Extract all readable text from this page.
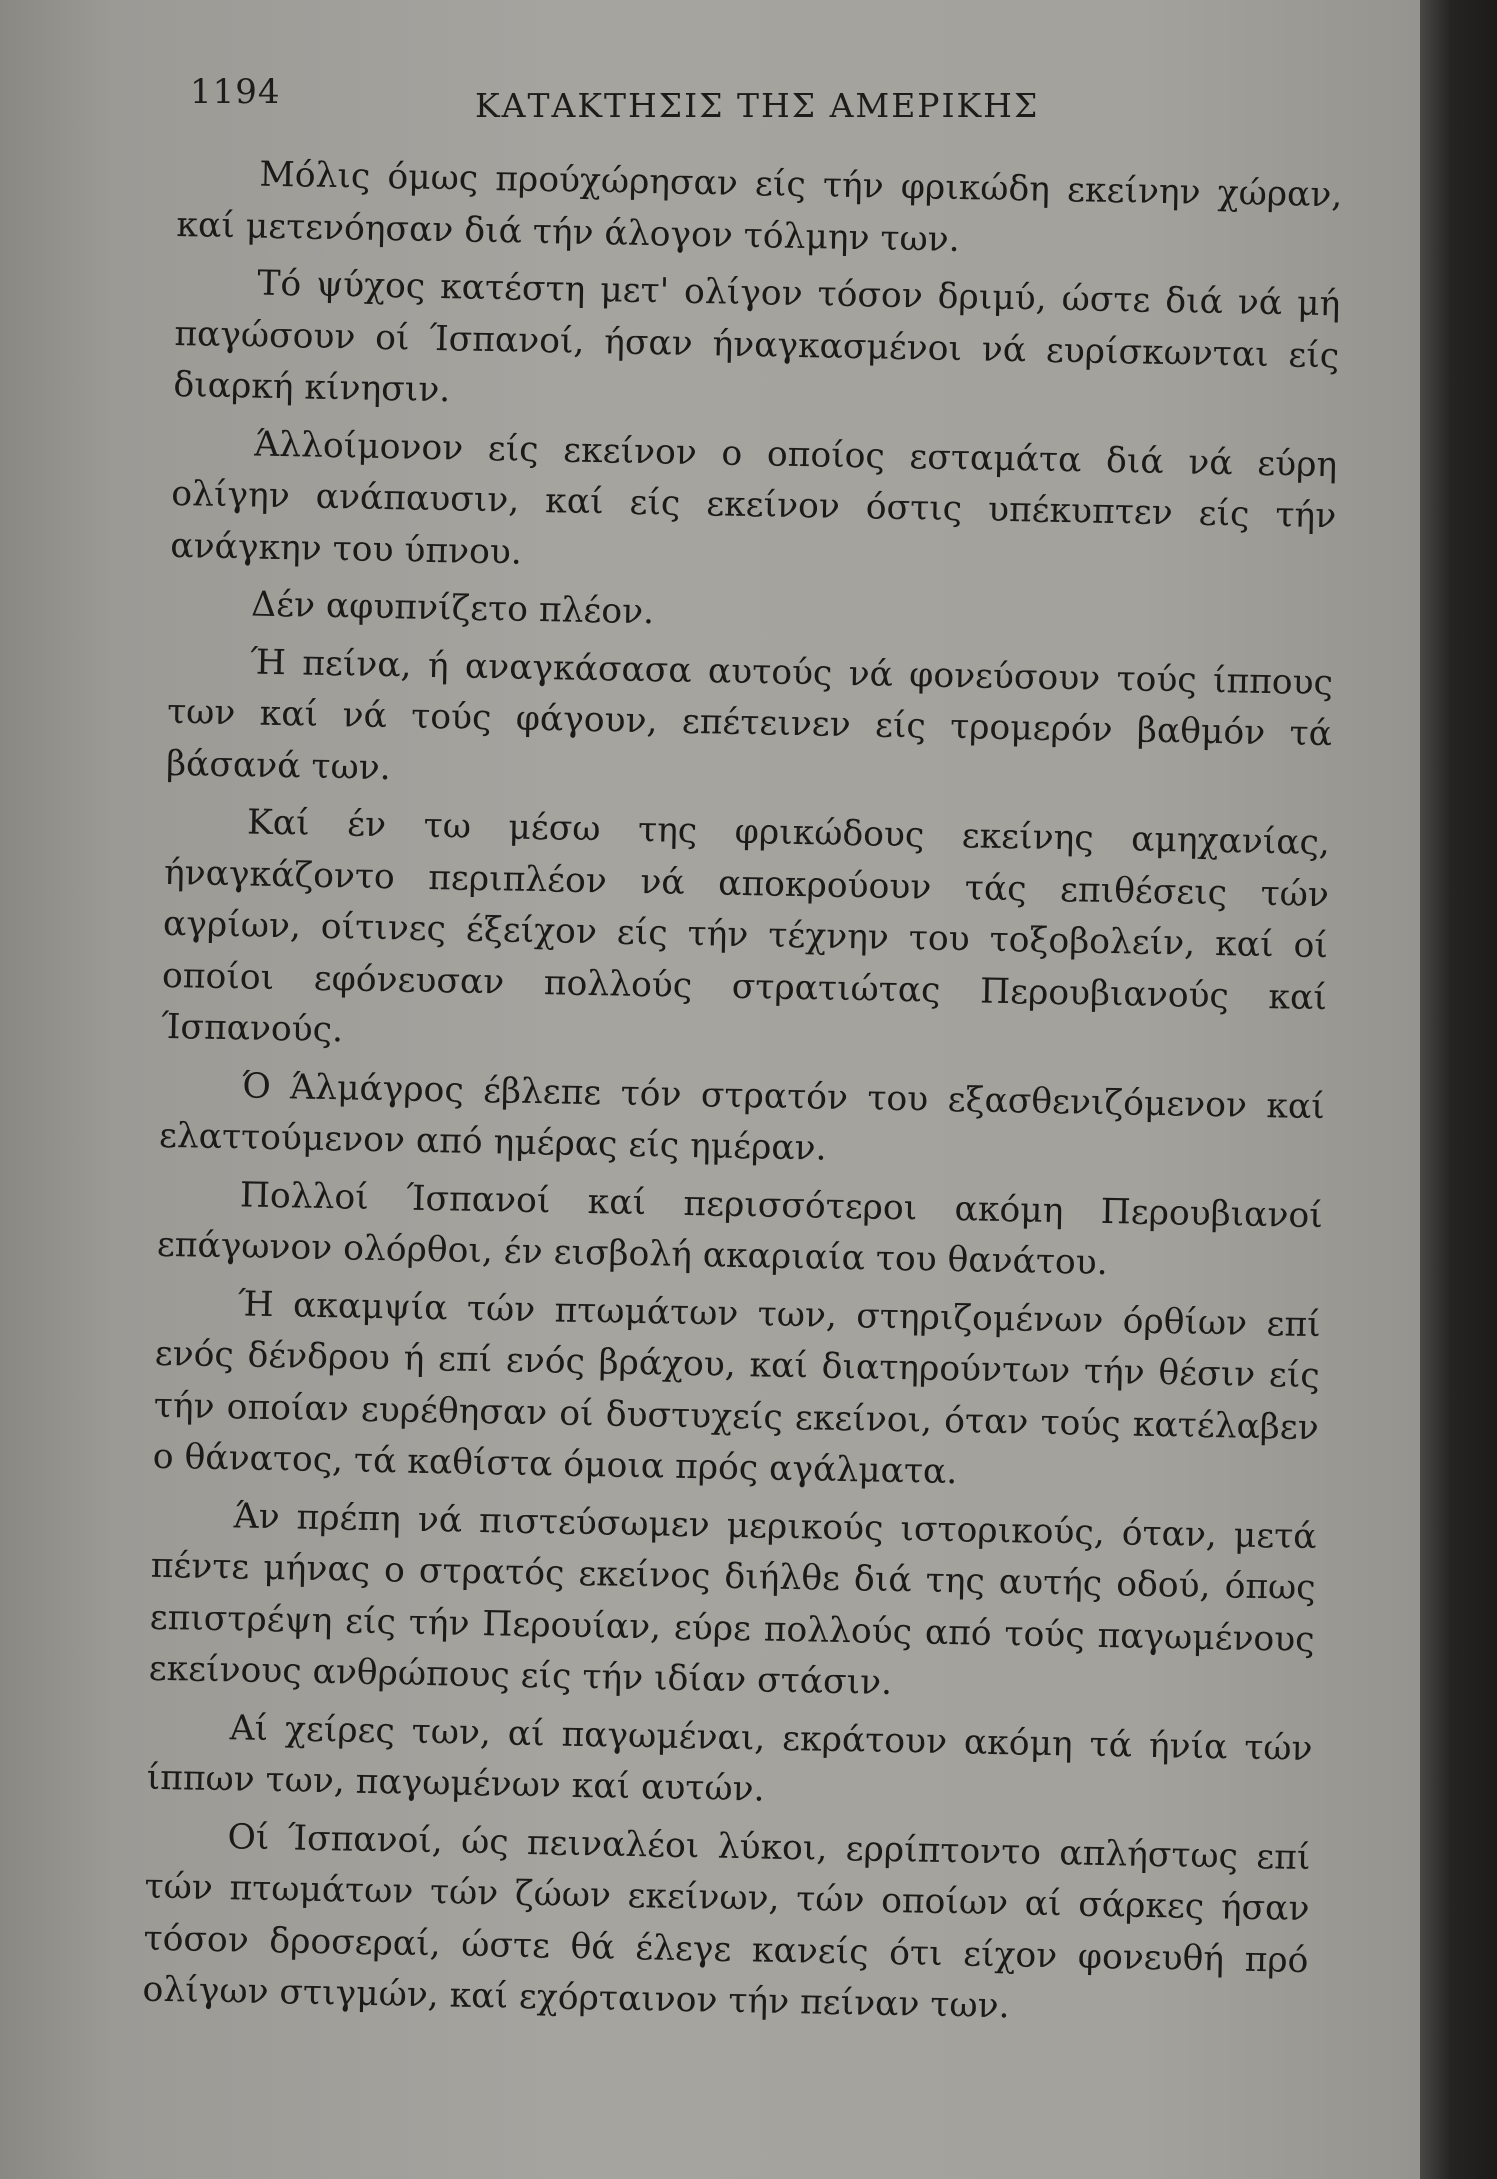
1194	ΚΑΤΑΚΤΗΣΙΣ ΤΗΣ ΑΜΕΡΙΚΗΣ

Μόλις όμως προύχώρησαν είς τήν φρικώδη εκείνην χώραν, καί μετενόησαν διά τήν άλογον τόλμην των.

Τό ψύχος κατέστη μετ' ολίγον τόσον δριμύ, ώστε διά νά μή παγώσουν οί Ίσπανοί, ήσαν ήναγκασμένοι νά ευρίσκωνται είς διαρκή κίνησιν.

Άλλοίμονον είς εκείνον ο οποίος εσταμάτα διά νά εύρη ολίγην ανάπαυσιν, καί είς εκείνον όστις υπέκυπτεν είς τήν ανάγκην του ύπνου.

Δέν αφυπνίζετο πλέον.

Ή πείνα, ή αναγκάσασα αυτούς νά φονεύσουν τούς ίππους των καί νά τούς φάγουν, επέτεινεν είς τρομερόν βαθμόν τά βάσανά των.

Καί έν τω μέσω της φρικώδους εκείνης αμηχανίας, ήναγκάζοντο περιπλέον νά αποκρούουν τάς επιθέσεις τών αγρίων, οίτινες έξείχον είς τήν τέχνην του τοξοβολείν, καί οί οποίοι εφόνευσαν πολλούς στρατιώτας Περουβιανούς καί Ίσπανούς.

Ό Άλμάγρος έβλεπε τόν στρατόν του εξασθενιζόμενον καί ελαττούμενον από ημέρας είς ημέραν.

Πολλοί Ίσπανοί καί περισσότεροι ακόμη Περουβιανοί επάγωνον ολόρθοι, έν εισβολή ακαριαία του θανάτου.

Ή ακαμψία τών πτωμάτων των, στηριζομένων όρθίων επί ενός δένδρου ή επί ενός βράχου, καί διατηρούντων τήν θέσιν είς τήν οποίαν ευρέθησαν οί δυστυχείς εκείνοι, όταν τούς κατέλαβεν ο θάνατος, τά καθίστα όμοια πρός αγάλματα.

Άν πρέπη νά πιστεύσωμεν μερικούς ιστορικούς, όταν, μετά πέντε μήνας ο στρατός εκείνος διήλθε διά της αυτής οδού, όπως επιστρέψη είς τήν Περουίαν, εύρε πολλούς από τούς παγωμένους εκείνους ανθρώπους είς τήν ιδίαν στάσιν.

Αί χείρες των, αί παγωμέναι, εκράτουν ακόμη τά ήνία τών ίππων των, παγωμένων καί αυτών.

Οί Ίσπανοί, ώς πειναλέοι λύκοι, ερρίπτοντο απλήστως επί τών πτωμάτων τών ζώων εκείνων, τών οποίων αί σάρκες ήσαν τόσον δροσεραί, ώστε θά έλεγε κανείς ότι είχον φονευθή πρό ολίγων στιγμών, καί εχόρταινον τήν πείναν των.
